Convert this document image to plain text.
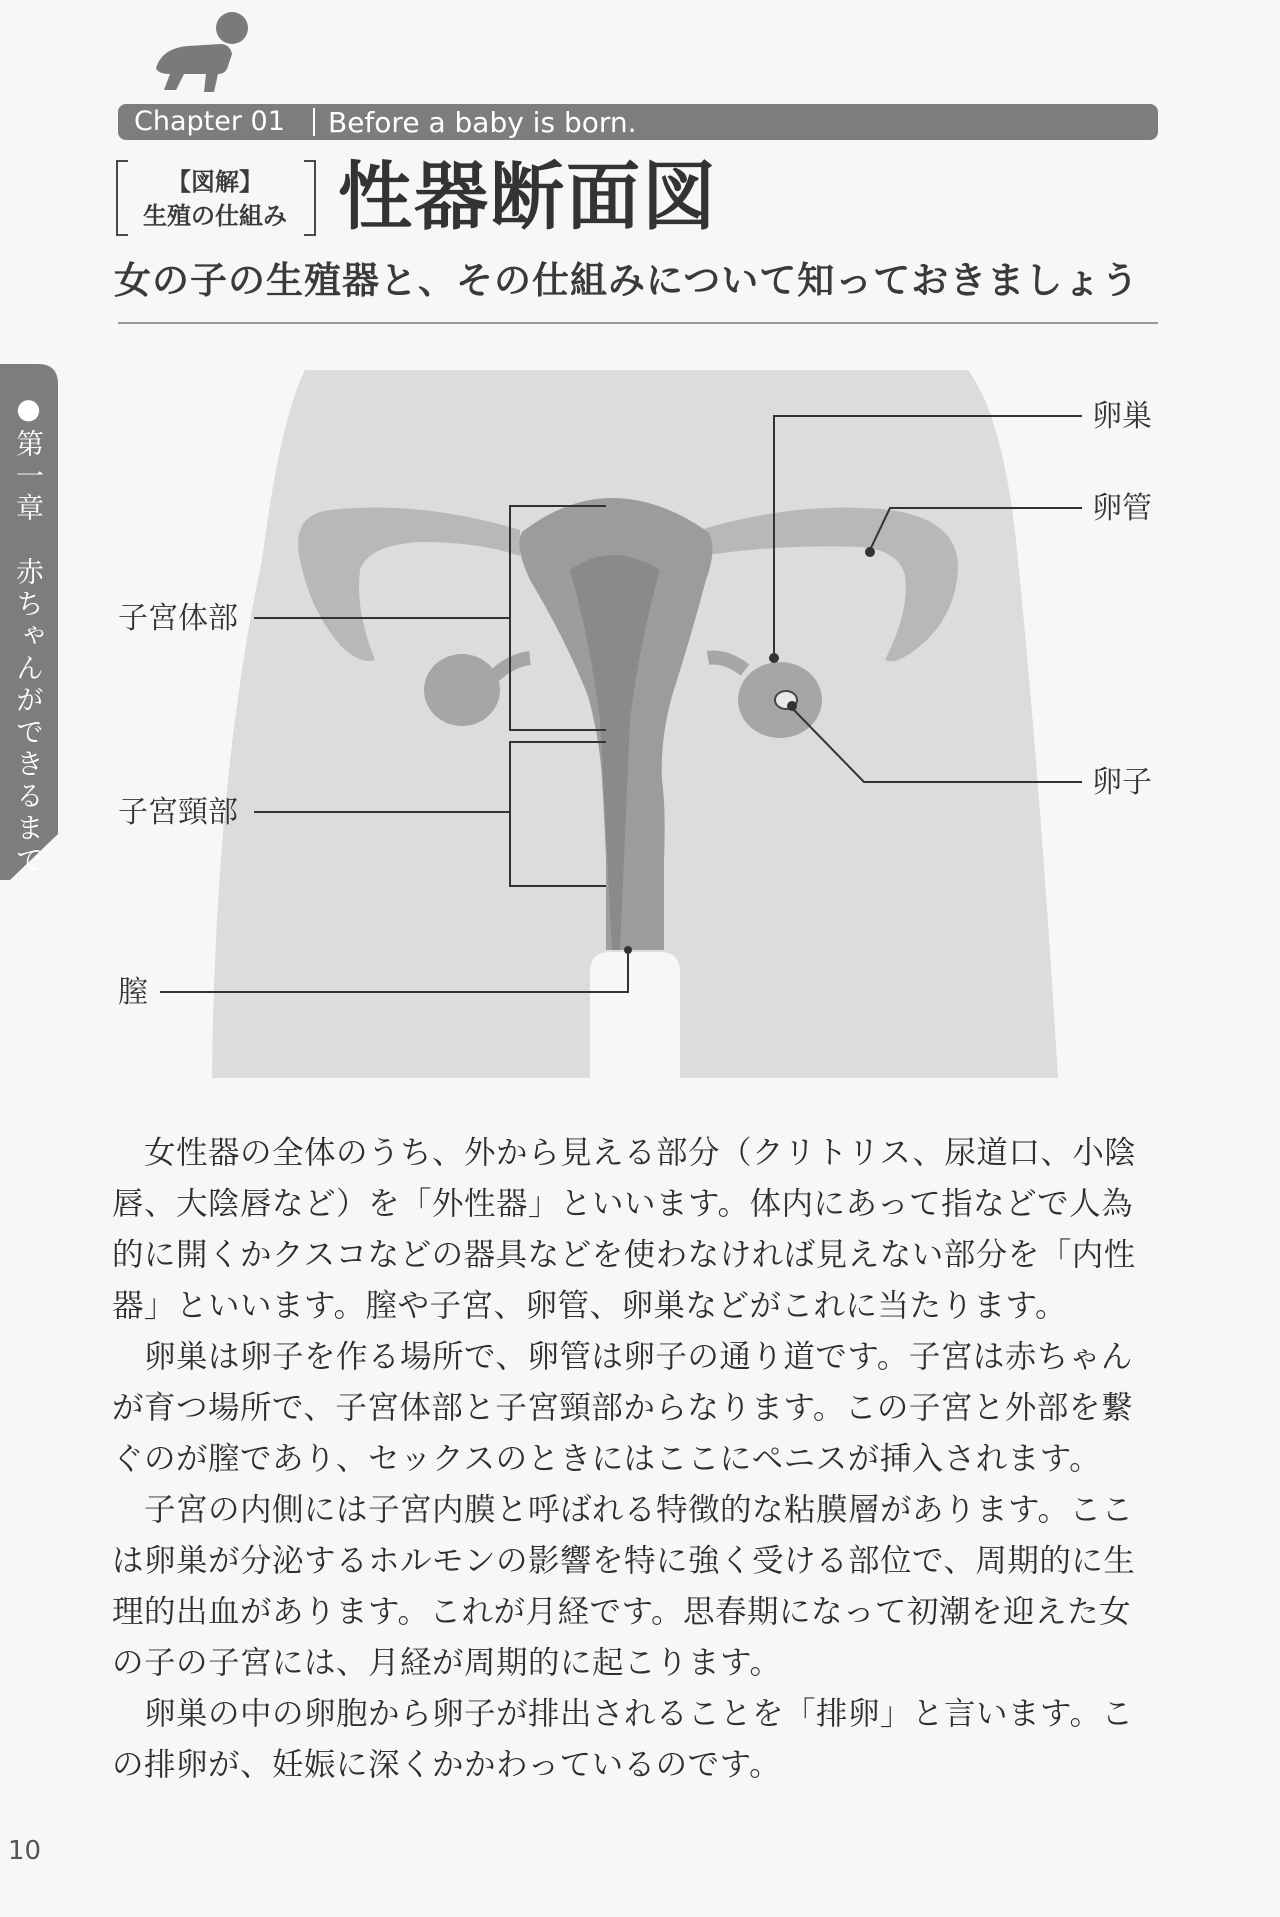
Chapter 01	Before a baby is born.
【図解】
生殖の仕組み 性器断面図
女の子の生殖器と、その仕組みについて知っておきましょう
●第一章　赤ちゃんができるまで	卵巣
卵管
卵子
子宮体部
子宮頸部
膣

　女性器の全体のうち、外から見える部分（クリトリス、尿道口、小陰

唇、大陰唇など）を「外性器」といいます。体内にあって指などで人為

的に開くかクスコなどの器具などを使わなければ見えない部分を「内性

器」といいます。膣や子宮、卵管、卵巣などがこれに当たります。

　卵巣は卵子を作る場所で、卵管は卵子の通り道です。子宮は赤ちゃん

が育つ場所で、子宮体部と子宮頸部からなります。この子宮と外部を繋

ぐのが膣であり、セックスのときにはここにペニスが挿入されます。

　子宮の内側には子宮内膜と呼ばれる特徴的な粘膜層があります。ここ

は卵巣が分泌するホルモンの影響を特に強く受ける部位で、周期的に生

理的出血があります。これが月経です。思春期になって初潮を迎えた女

の子の子宮には、月経が周期的に起こります。

　卵巣の中の卵胞から卵子が排出されることを「排卵」と言います。こ

の排卵が、妊娠に深くかかわっているのです。

10
